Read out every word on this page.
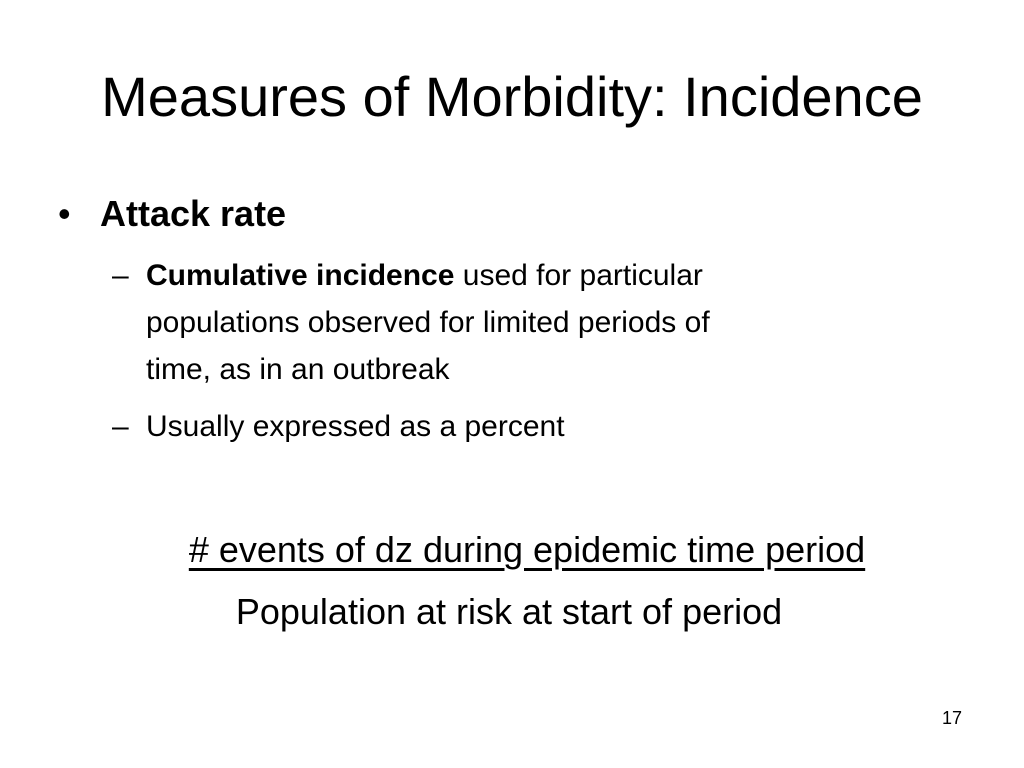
Measures of Morbidity: Incidence
• Attack rate
– Cumulative incidence used for particular
populations observed for limited periods of
time, as in an outbreak
– Usually expressed as a percent
# events of dz during epidemic time period
Population at risk at start of period
17
